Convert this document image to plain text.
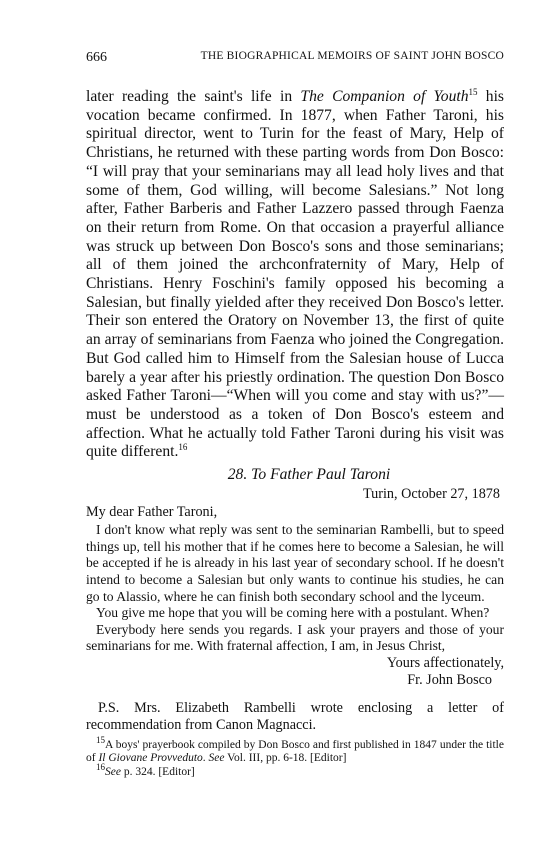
666	THE BIOGRAPHICAL MEMOIRS OF SAINT JOHN BOSCO

later reading the saint's life in The Companion of Youth$^{15}$ his vocation became confirmed. In 1877, when Father Taroni, his spiritual director, went to Turin for the feast of Mary, Help of Christians, he returned with these parting words from Don Bosco: “I will pray that your seminarians may all lead holy lives and that some of them, God willing, will become Salesians.” Not long after, Father Barberis and Father Lazzero passed through Faenza on their return from Rome. On that occasion a prayerful alliance was struck up between Don Bosco's sons and those seminarians; all of them joined the archconfraternity of Mary, Help of Christians. Henry Foschini's family opposed his becoming a Salesian, but finally yielded after they received Don Bosco's letter. Their son entered the Oratory on November 13, the first of quite an array of seminarians from Faenza who joined the Congregation. But God called him to Himself from the Salesian house of Lucca barely a year after his priestly ordination. The question Don Bosco asked Father Taroni—“When will you come and stay with us?”—must be understood as a token of Don Bosco's esteem and affection. What he actually told Father Taroni during his visit was quite different.$^{16}$

28. To Father Paul Taroni

Turin, October 27, 1878

My dear Father Taroni,

I don't know what reply was sent to the seminarian Rambelli, but to speed things up, tell his mother that if he comes here to become a Salesian, he will be accepted if he is already in his last year of secondary school. If he doesn't intend to become a Salesian but only wants to continue his studies, he can go to Alassio, where he can finish both secondary school and the lyceum.

You give me hope that you will be coming here with a postulant. When?

Everybody here sends you regards. I ask your prayers and those of your seminarians for me. With fraternal affection, I am, in Jesus Christ,

Yours affectionately,

Fr. John Bosco

P.S. Mrs. Elizabeth Rambelli wrote enclosing a letter of recommendation from Canon Magnacci.

$^{15}$A boys' prayerbook compiled by Don Bosco and first published in 1847 under the title of Il Giovane Provveduto. See Vol. III, pp. 6-18. [Editor]

$^{16}$See p. 324. [Editor]
